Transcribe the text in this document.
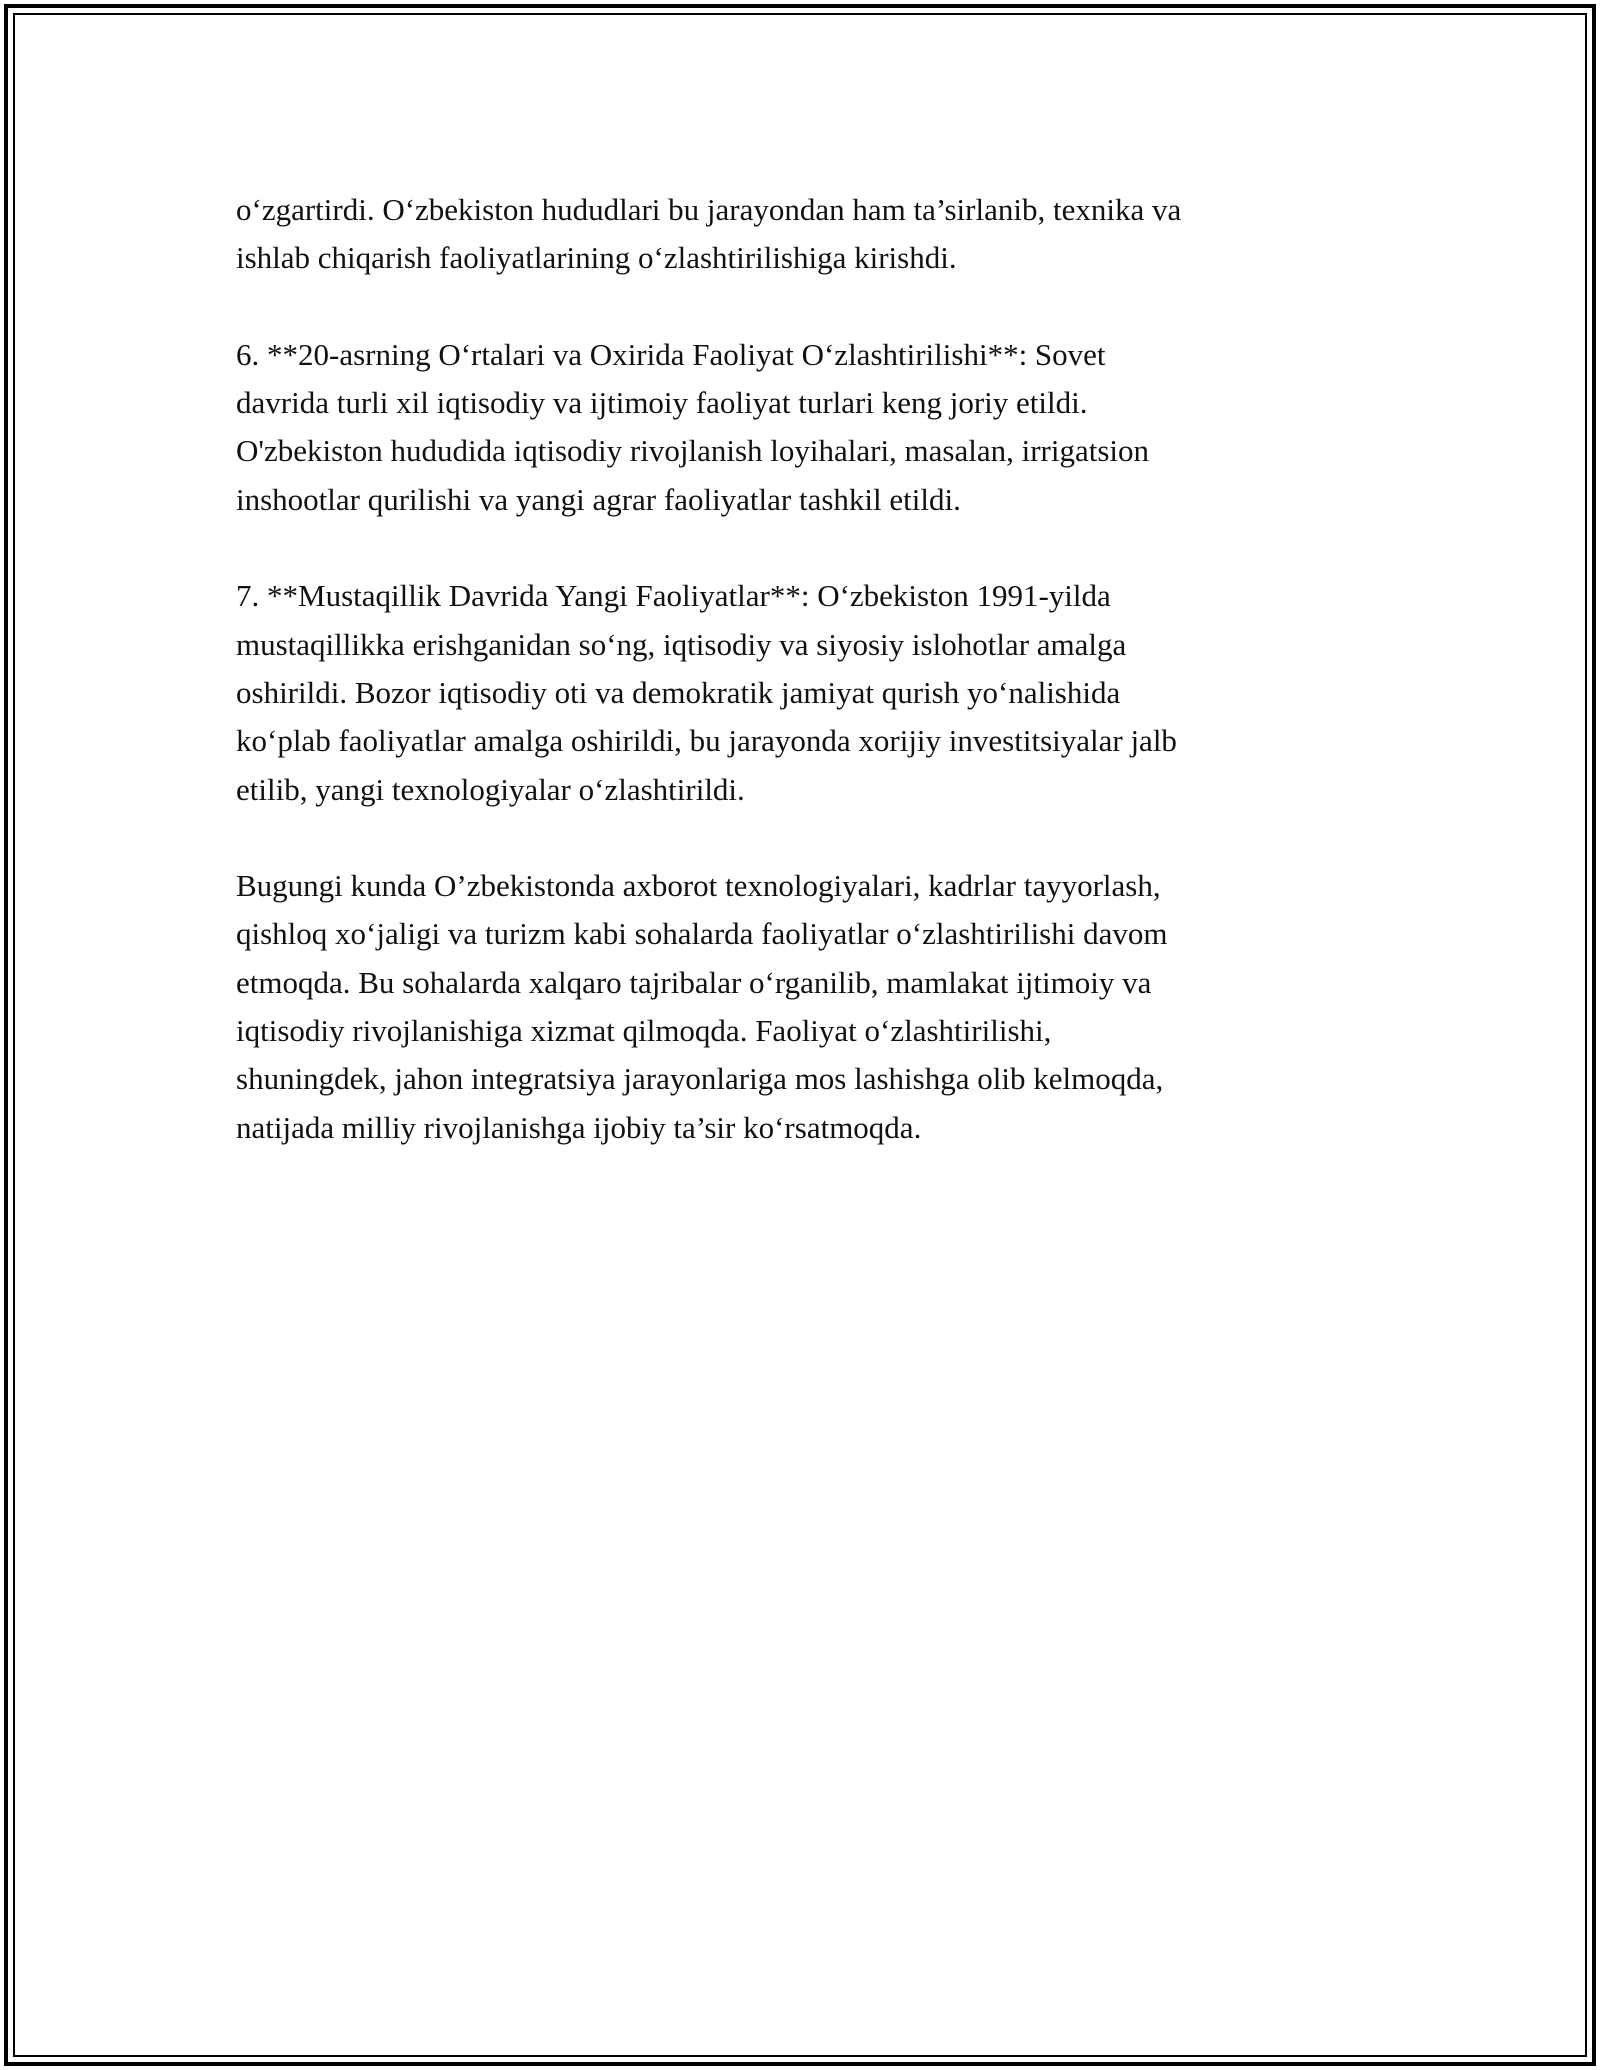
o‘zgartirdi. O‘zbekiston hududlari bu jarayondan ham ta’sirlanib, texnika va
ishlab chiqarish faoliyatlarining o‘zlashtirilishiga kirishdi.

6. **20-asrning O‘rtalari va Oxirida Faoliyat O‘zlashtirilishi**: Sovet
davrida turli xil iqtisodiy va ijtimoiy faoliyat turlari keng joriy etildi.
O'zbekiston hududida iqtisodiy rivojlanish loyihalari, masalan, irrigatsion
inshootlar qurilishi va yangi agrar faoliyatlar tashkil etildi.

7. **Mustaqillik Davrida Yangi Faoliyatlar**: O‘zbekiston 1991-yilda
mustaqillikka erishganidan so‘ng, iqtisodiy va siyosiy islohotlar amalga
oshirildi. Bozor iqtisodiy oti va demokratik jamiyat qurish yo‘nalishida
ko‘plab faoliyatlar amalga oshirildi, bu jarayonda xorijiy investitsiyalar jalb
etilib, yangi texnologiyalar o‘zlashtirildi.

Bugungi kunda O’zbekistonda axborot texnologiyalari, kadrlar tayyorlash,
qishloq xo‘jaligi va turizm kabi sohalarda faoliyatlar o‘zlashtirilishi davom
etmoqda. Bu sohalarda xalqaro tajribalar o‘rganilib, mamlakat ijtimoiy va
iqtisodiy rivojlanishiga xizmat qilmoqda. Faoliyat o‘zlashtirilishi,
shuningdek, jahon integratsiya jarayonlariga mos lashishga olib kelmoqda,
natijada milliy rivojlanishga ijobiy ta’sir ko‘rsatmoqda.
